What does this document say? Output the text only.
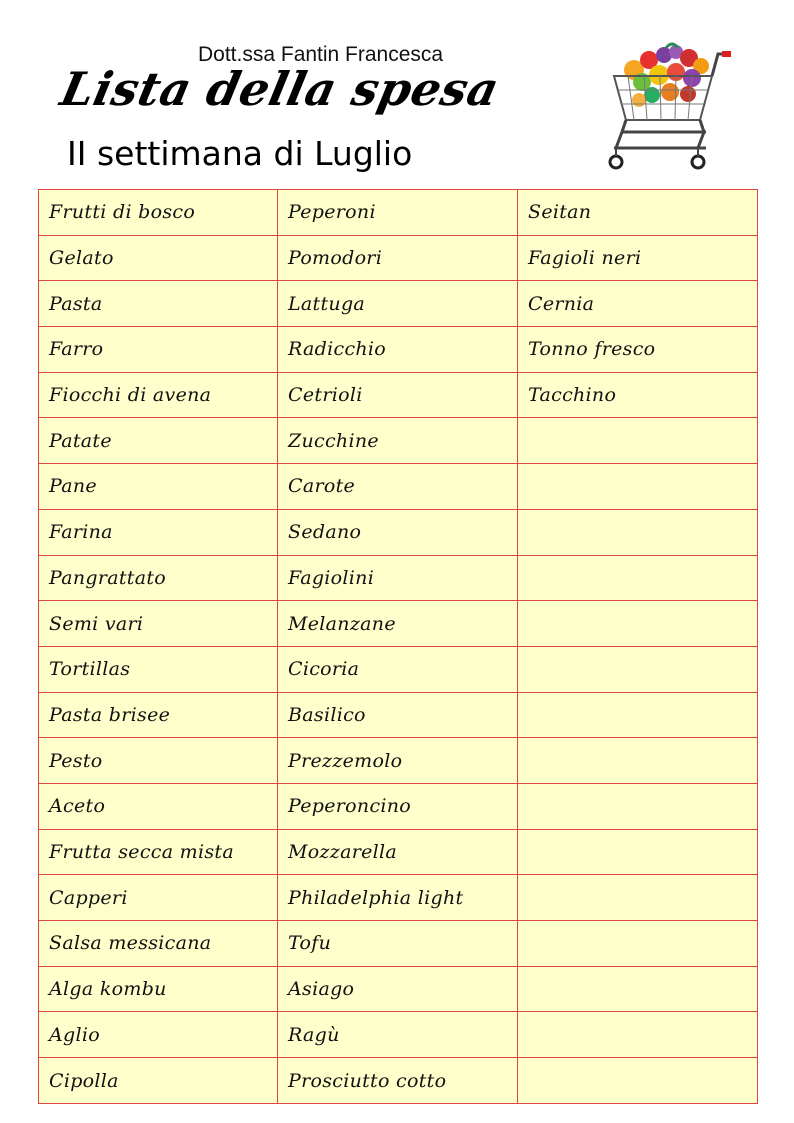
Dott.ssa Fantin Francesca
Lista della spesa
II settimana di Luglio
Frutti di bosco	Peperoni	Seitan
Gelato	Pomodori	Fagioli neri
Pasta	Lattuga	Cernia
Farro	Radicchio	Tonno fresco
Fiocchi di avena	Cetrioli	Tacchino
Patate	Zucchine	
Pane	Carote	
Farina	Sedano	
Pangrattato	Fagiolini	
Semi vari	Melanzane	
Tortillas	Cicoria	
Pasta brisee	Basilico	
Pesto	Prezzemolo	
Aceto	Peperoncino	
Frutta secca mista	Mozzarella	
Capperi	Philadelphia light	
Salsa messicana	Tofu	
Alga kombu	Asiago	
Aglio	Ragù	
Cipolla	Prosciutto cotto	
